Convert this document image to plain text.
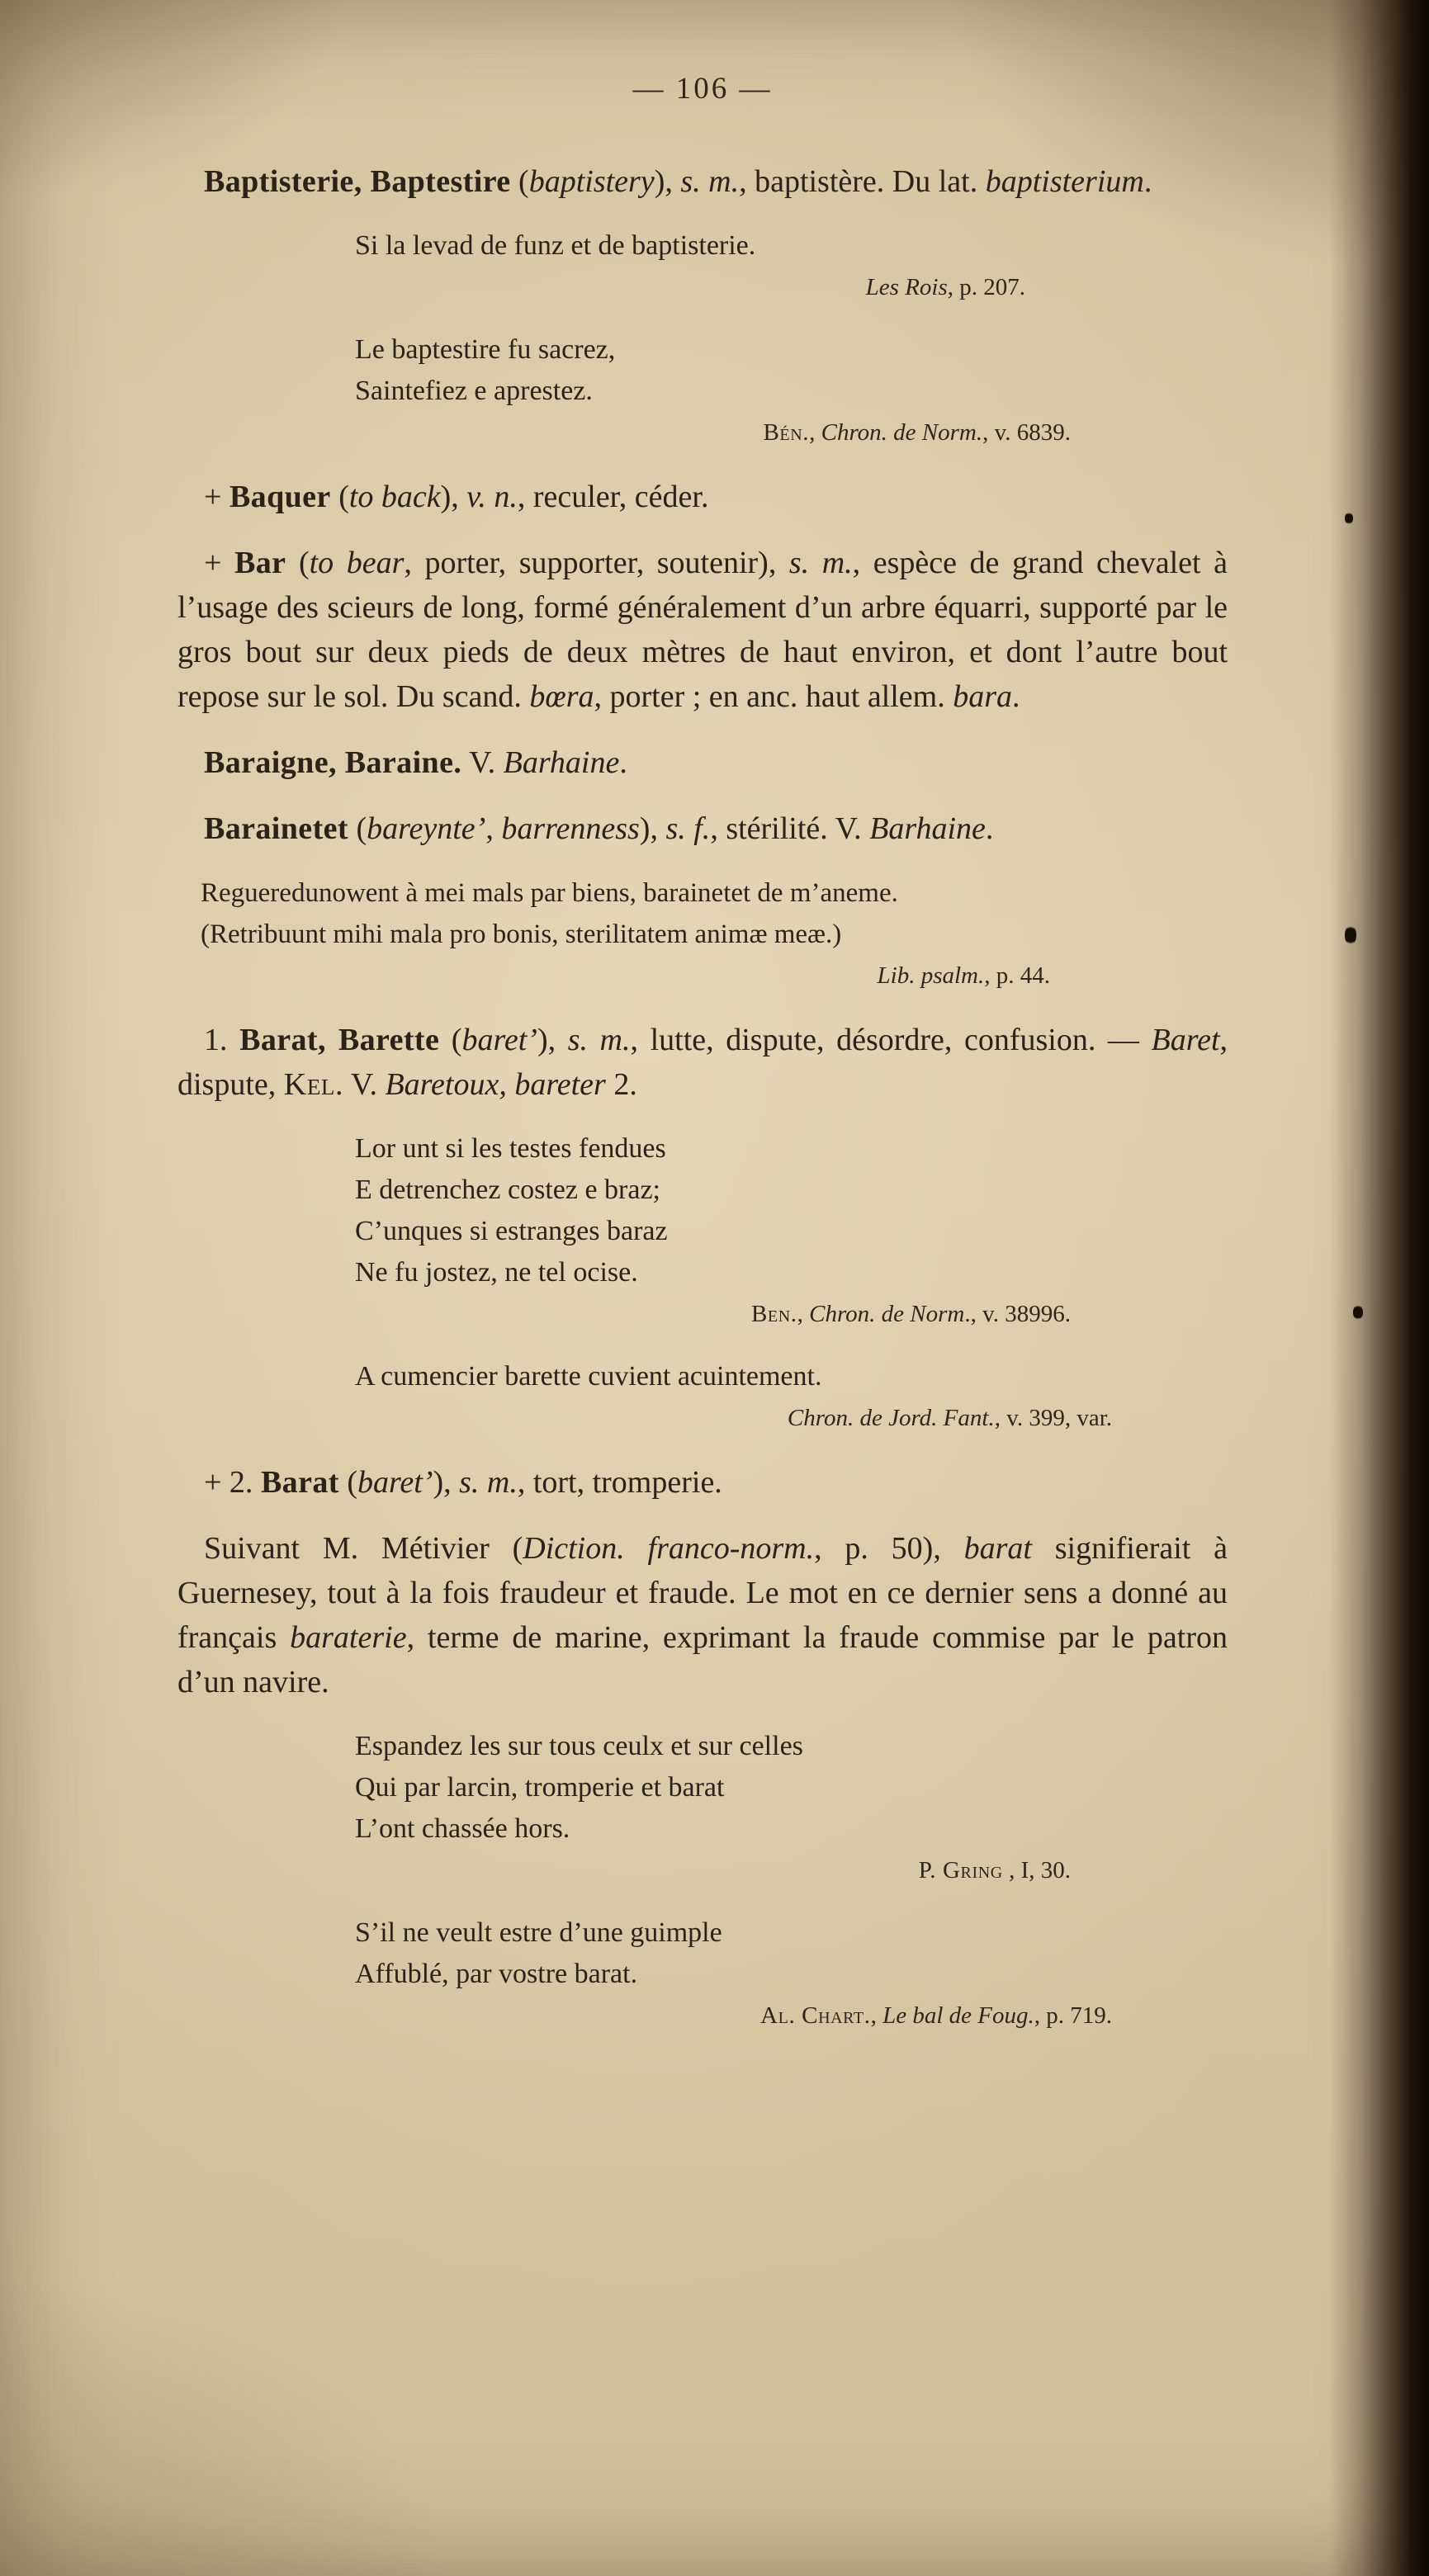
— 106 —

Baptisterie, Baptestire (baptistery), s. m., baptistère. Du lat. baptisterium.

Si la levad de funz et de baptisterie.
Les Rois, p. 207.
Le baptestire fu sacrez,
Saintefiez e aprestez.
Bén., Chron. de Norm., v. 6839.

+ Baquer (to back), v. n., reculer, céder.

+ Bar (to bear, porter, supporter, soutenir), s. m., espèce de grand chevalet à l’usage des scieurs de long, formé généralement d’un arbre équarri, supporté par le gros bout sur deux pieds de deux mètres de haut environ, et dont l’autre bout repose sur le sol. Du scand. bœra, porter ; en anc. haut allem. bara.

Baraigne, Baraine. V. Barhaine.

Barainetet (bareynte’, barrenness), s. f., stérilité. V. Barhaine.

Regueredunowent à mei mals par biens, barainetet de m’aneme.
(Retribuunt mihi mala pro bonis, sterilitatem animæ meæ.)
Lib. psalm., p. 44.

1. Barat, Barette (baret’), s. m., lutte, dispute, désordre, confusion. — Baret, dispute, Kel. V. Baretoux, bareter 2.

Lor unt si les testes fendues
E detrenchez costez e braz;
C’unques si estranges baraz
Ne fu jostez, ne tel ocise.
Ben., Chron. de Norm., v. 38996.
A cumencier barette cuvient acuintement.
Chron. de Jord. Fant., v. 399, var.

+ 2. Barat (baret’), s. m., tort, tromperie.

Suivant M. Métivier (Diction. franco-norm., p. 50), barat signifierait à Guernesey, tout à la fois fraudeur et fraude. Le mot en ce dernier sens a donné au français baraterie, terme de marine, exprimant la fraude commise par le patron d’un navire.

Espandez les sur tous ceulx et sur celles
Qui par larcin, tromperie et barat
L’ont chassée hors.
P. Gring , I, 30.
S’il ne veult estre d’une guimple
Affublé, par vostre barat.
Al. Chart., Le bal de Foug., p. 719.
